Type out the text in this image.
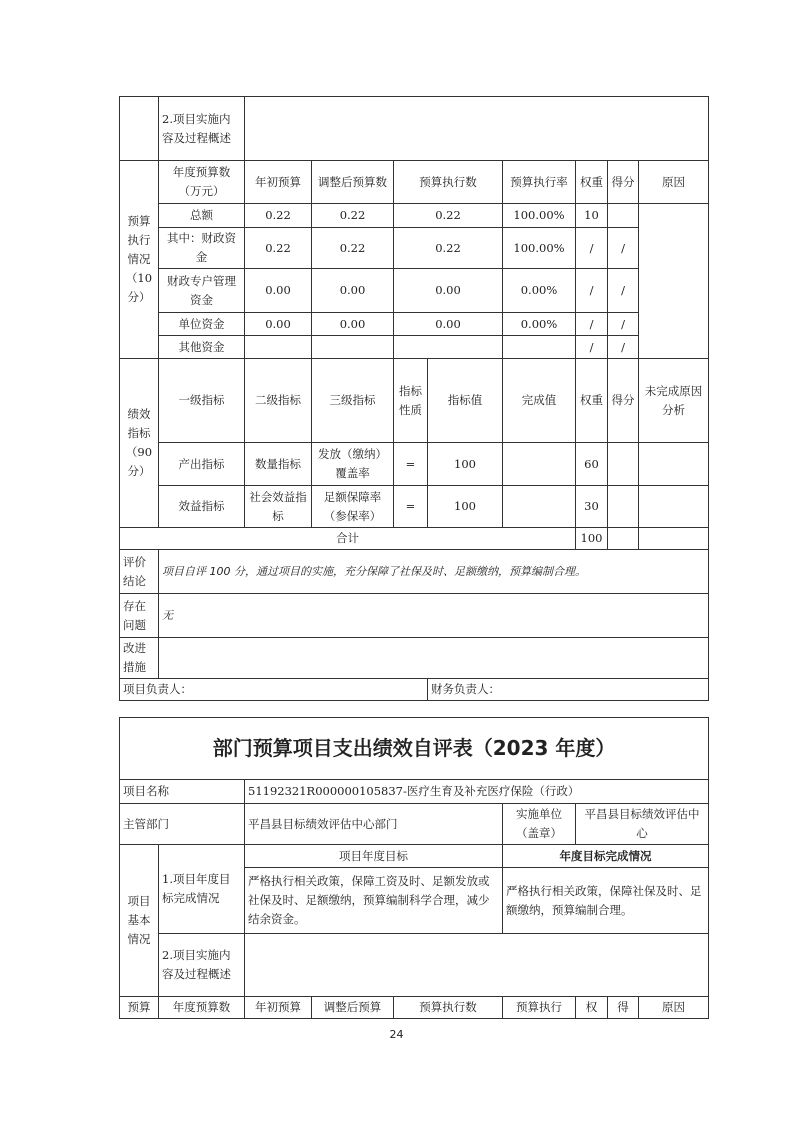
	2.项目实施内容及过程概述								
预算执行情况（10分）	年度预算数（万元）	年初预算	调整后预算数	预算执行数		预算执行率	权重	得分	原因
	总额	0.22	0.22	0.22		100.00%	10		
	其中：财政资金	0.22	0.22	0.22		100.00%	/	/	
	财政专户管理资金	0.00	0.00	0.00		0.00%	/	/	
	单位资金	0.00	0.00	0.00		0.00%	/	/	
	其他资金						/	/	
绩效指标（90分）	一级指标	二级指标	三级指标	指标性质	指标值	完成值	权重	得分	未完成原因分析
	产出指标	数量指标	发放（缴纳）覆盖率	=	100		60		
	效益指标	社会效益指标	足额保障率（参保率）	=	100		30		
合计							100		
评价结论	项目自评 100 分，通过项目的实施，充分保障了社保及时、足额缴纳，预算编制合理。								
存在问题	无								
改进措施									
项目负责人：					财务负责人：				
部门预算项目支出绩效自评表（2023 年度）								
项目名称		51192321R000000105837-医疗生育及补充医疗保险（行政）						
主管部门		平昌县目标绩效评估中心部门			实施单位（盖章）	平昌县目标绩效评估中心		
项目基本情况	1.项目年度目标完成情况	项目年度目标			年度目标完成情况			
		严格执行相关政策，保障工资及时、足额发放或社保及时、足额缴纳，预算编制科学合理，减少结余资金。			严格执行相关政策，保障社保及时、足额缴纳，预算编制合理。			
	2.项目实施内容及过程概述							
预算	年度预算数	年初预算	调整后预算	预算执行数	预算执行	权	得	原因
24
